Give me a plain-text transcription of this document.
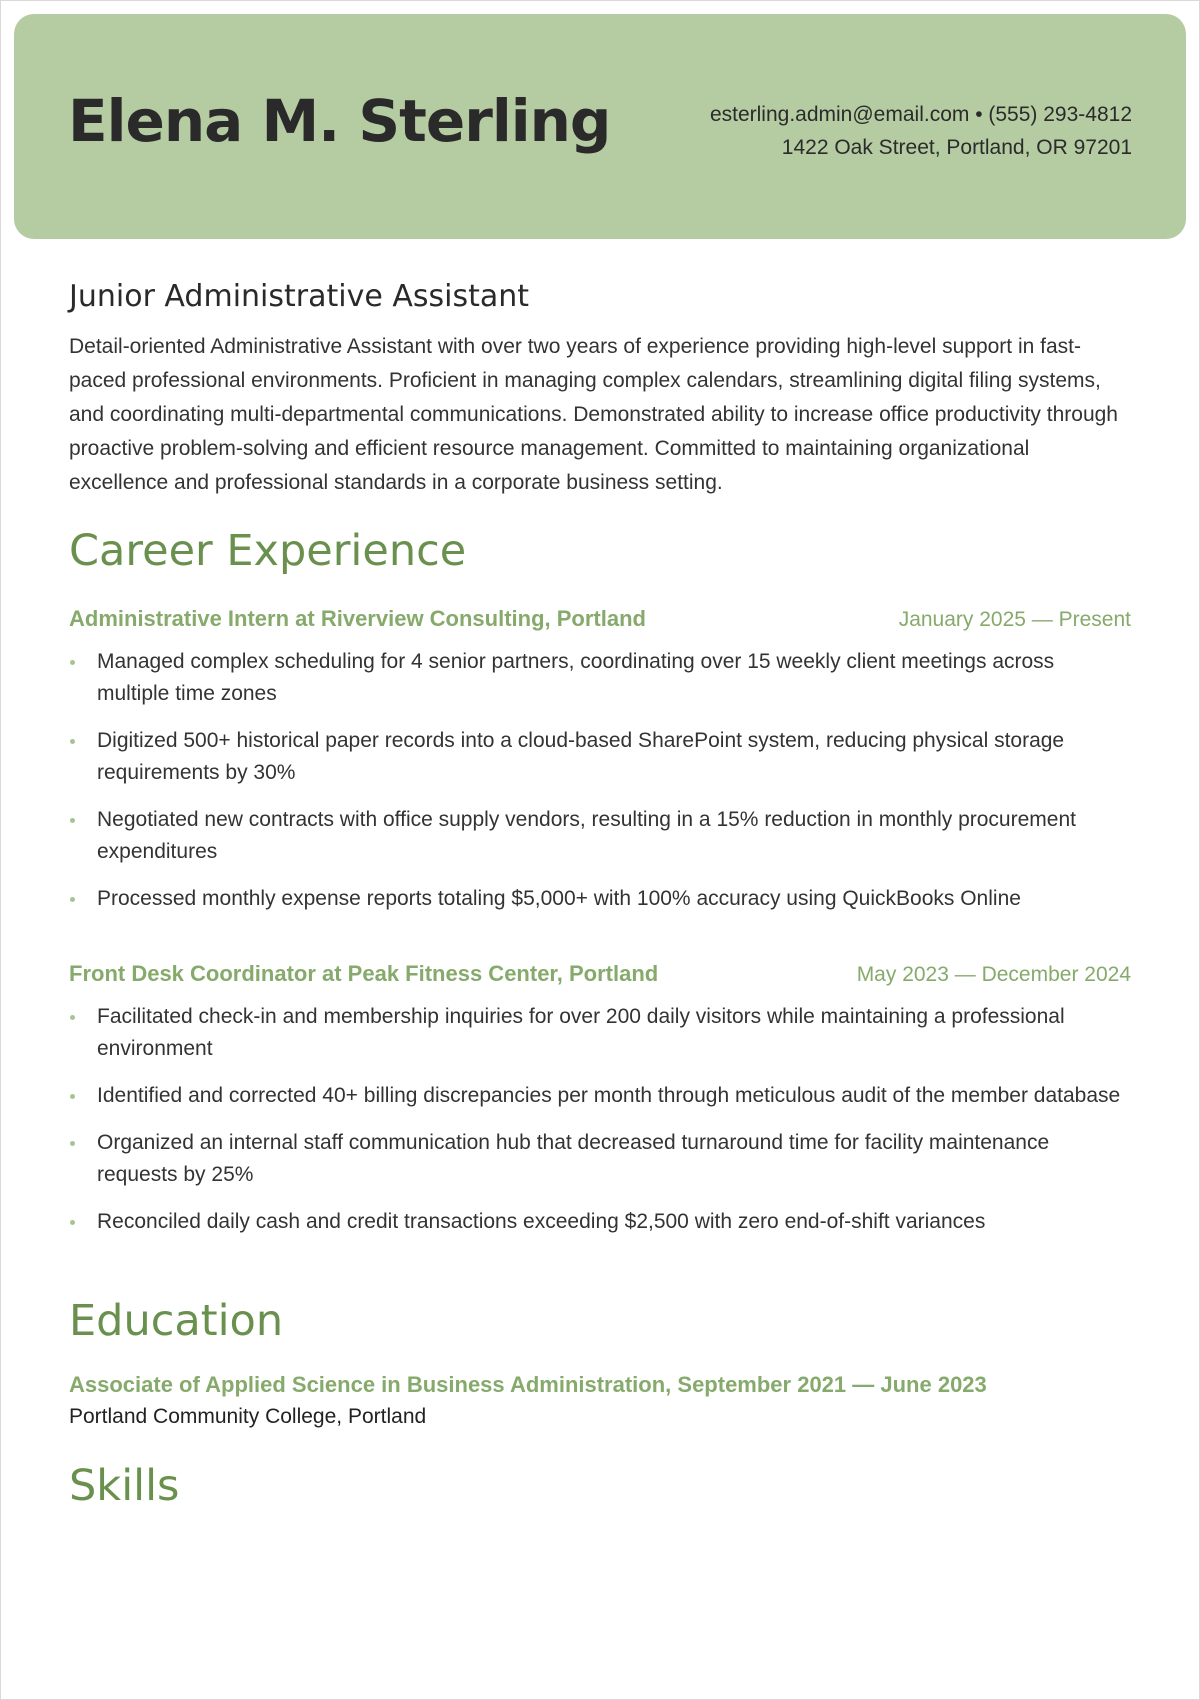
Elena M. Sterling	esterling.admin@email.com • (555) 293-4812
1422 Oak Street, Portland, OR 97201
Junior Administrative Assistant

Detail-oriented Administrative Assistant with over two years of experience providing high-level support in fast-paced professional environments. Proficient in managing complex calendars, streamlining digital filing systems, and coordinating multi-departmental communications. Demonstrated ability to increase office productivity through proactive problem-solving and efficient resource management. Committed to maintaining organizational excellence and professional standards in a corporate business setting.

Career Experience
Administrative Intern at Riverview Consulting, Portland	January 2025 — Present
Managed complex scheduling for 4 senior partners, coordinating over 15 weekly client meetings across multiple time zones
Digitized 500+ historical paper records into a cloud-based SharePoint system, reducing physical storage requirements by 30%
Negotiated new contracts with office supply vendors, resulting in a 15% reduction in monthly procurement expenditures
Processed monthly expense reports totaling $5,000+ with 100% accuracy using QuickBooks Online
Front Desk Coordinator at Peak Fitness Center, Portland	May 2023 — December 2024
Facilitated check-in and membership inquiries for over 200 daily visitors while maintaining a professional environment
Identified and corrected 40+ billing discrepancies per month through meticulous audit of the member database
Organized an internal staff communication hub that decreased turnaround time for facility maintenance requests by 25%
Reconciled daily cash and credit transactions exceeding $2,500 with zero end-of-shift variances
Education
Associate of Applied Science in Business Administration, September 2021 — June 2023
Portland Community College, Portland
Skills
